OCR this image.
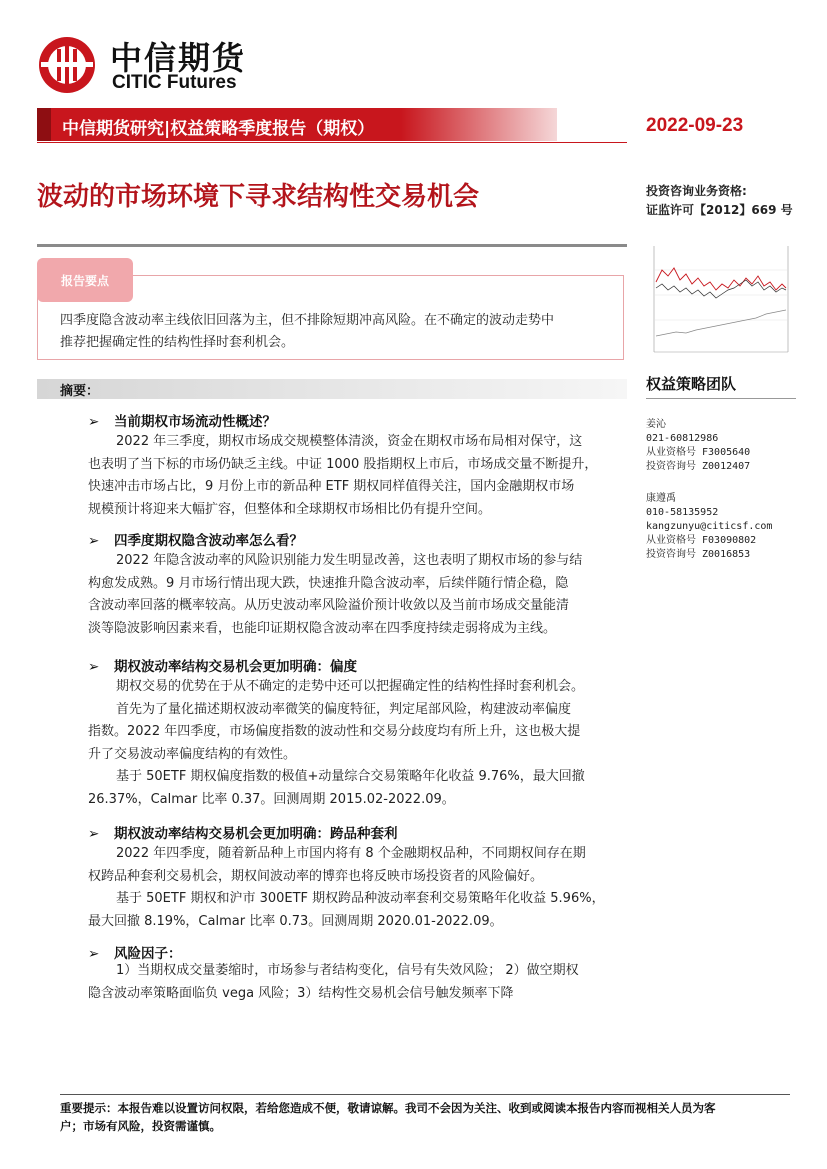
中信期货
CITIC Futures
中信期货研究|权益策略季度报告（期权）	2022-09-23
波动的市场环境下寻求结构性交易机会	投资咨询业务资格:
证监许可【2012】669 号
报告要点
四季度隐含波动率主线依旧回落为主，但不排除短期冲高风险。在不确定的波动走势中
推荐把握确定性的结构性择时套利机会。
摘要：
➢ 当前期权市场流动性概述？
2022 年三季度，期权市场成交规模整体清淡，资金在期权市场布局相对保守，这
也表明了当下标的市场仍缺乏主线。中证 1000 股指期权上市后，市场成交量不断提升，
快速冲击市场占比，9 月份上市的新品种 ETF 期权同样值得关注，国内金融期权市场
规模预计将迎来大幅扩容，但整体和全球期权市场相比仍有提升空间。
➢ 四季度期权隐含波动率怎么看？
2022 年隐含波动率的风险识别能力发生明显改善，这也表明了期权市场的参与结
构愈发成熟。9 月市场行情出现大跌，快速推升隐含波动率，后续伴随行情企稳，隐
含波动率回落的概率较高。从历史波动率风险溢价预计收敛以及当前市场成交量能清
淡等隐波影响因素来看，也能印证期权隐含波动率在四季度持续走弱将成为主线。
➢ 期权波动率结构交易机会更加明确：偏度
期权交易的优势在于从不确定的走势中还可以把握确定性的结构性择时套利机会。
首先为了量化描述期权波动率微笑的偏度特征，判定尾部风险，构建波动率偏度
指数。2022 年四季度，市场偏度指数的波动性和交易分歧度均有所上升，这也极大提
升了交易波动率偏度结构的有效性。
基于 50ETF 期权偏度指数的极值+动量综合交易策略年化收益 9.76%，最大回撤
26.37%，Calmar 比率 0.37。回测周期 2015.02-2022.09。
➢ 期权波动率结构交易机会更加明确：跨品种套利
2022 年四季度，随着新品种上市国内将有 8 个金融期权品种，不同期权间存在期
权跨品种套利交易机会，期权间波动率的博弈也将反映市场投资者的风险偏好。
基于 50ETF 期权和沪市 300ETF 期权跨品种波动率套利交易策略年化收益 5.96%，
最大回撤 8.19%，Calmar 比率 0.73。回测周期 2020.01-2022.09。
➢ 风险因子：
1）当期权成交量萎缩时，市场参与者结构变化，信号有失效风险； 2）做空期权
隐含波动率策略面临负 vega 风险；3）结构性交易机会信号触发频率下降
权益策略团队
姜沁
021-60812986
从业资格号 F3005640
投资咨询号 Z0012407
康遵禹
010-58135952
kangzunyu@citicsf.com
从业资格号 F03090802
投资咨询号 Z0016853
重要提示：本报告难以设置访问权限，若给您造成不便，敬请谅解。我司不会因为关注、收到或阅读本报告内容而视相关人员为客
户；市场有风险，投资需谨慎。
